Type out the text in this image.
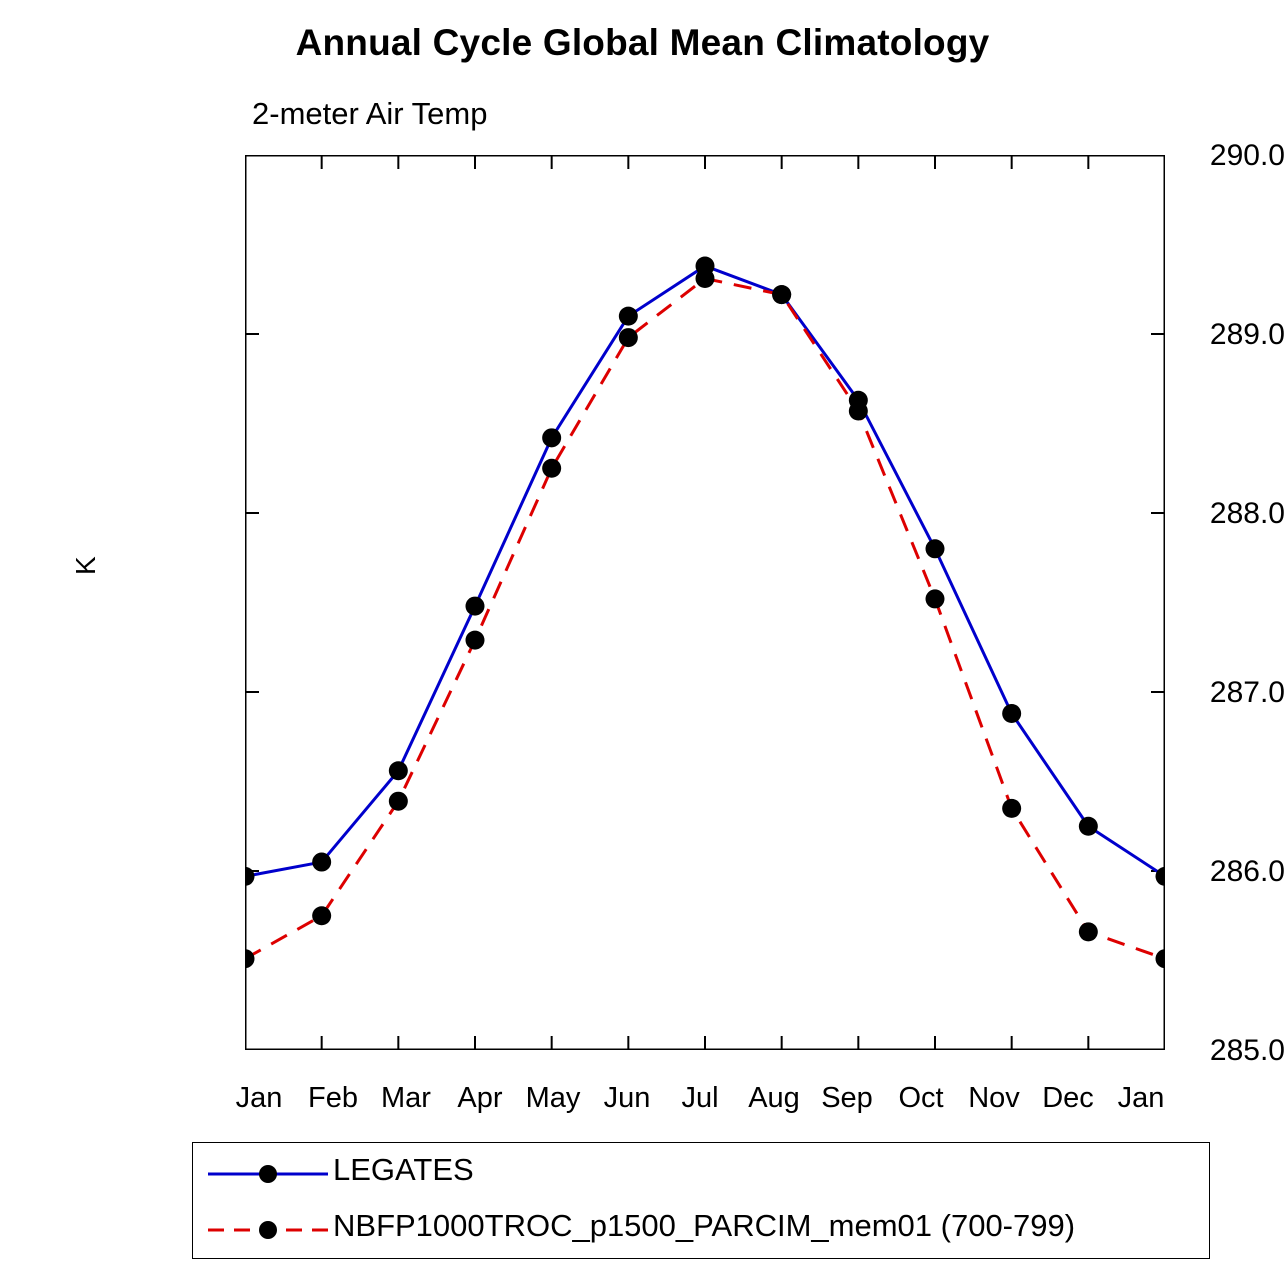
Annual Cycle Global Mean Climatology
2-meter Air Temp
K
290.0
289.0
288.0
287.0
286.0
285.0
Jan Feb Mar Apr May Jun	Jul	Aug Sep Oct Nov Dec Jan
LEGATES
NBFP1000TROC_p1500_PARCIM_mem01 (700-799)
